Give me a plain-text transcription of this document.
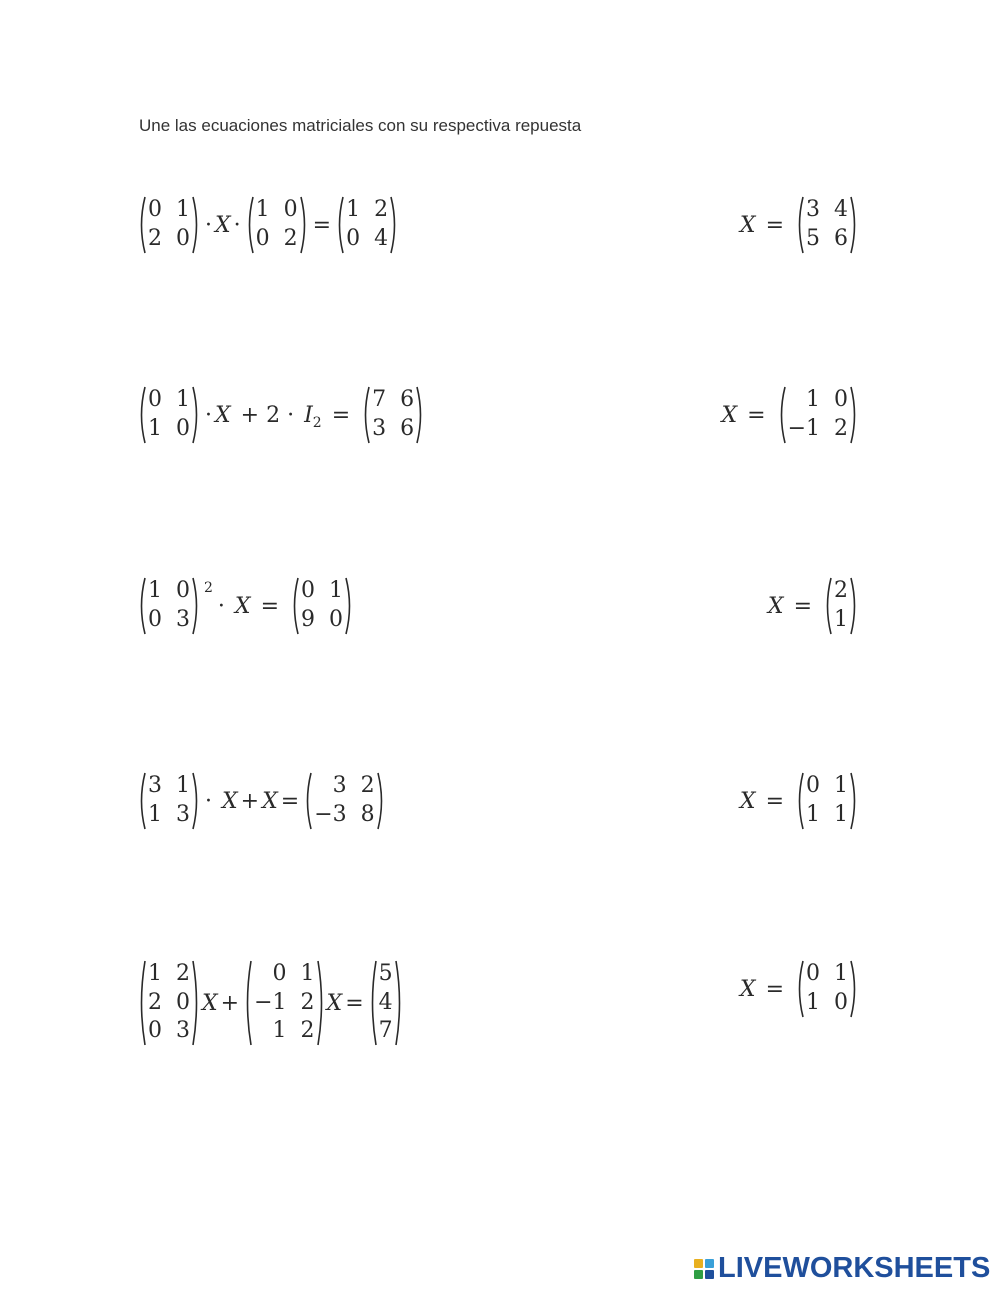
Une las ecuaciones matriciales con su respectiva repuesta
0 1
2 0
· X ·
1 0
0 2
=
1 2
0 4
X =
3 4
5 6
0 1
1 0
· X + 2 · I 2 =
7 6
3 6
X =
1 0
−1 2
1 0
0 3
2
· X =
0 1
9 0
X =
2
1
3 1
1 3
· X + X =
3 2
−3 8
X =
0 1
1 1
1 2
2 0
0 3
X +
0 1
−1 2
1 2
X =
5
4
7
X =
0 1
1 0
LIVEWORKSHEETS
